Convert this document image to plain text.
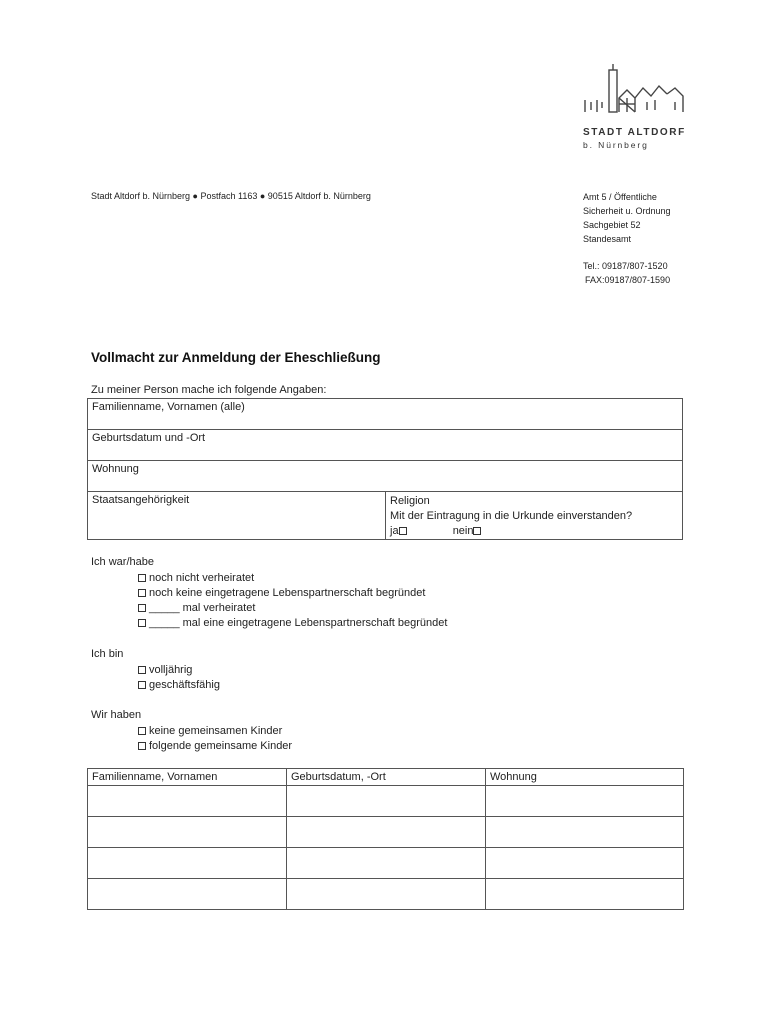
STADT ALTDORF
b. Nürnberg
Stadt Altdorf b. Nürnberg ● Postfach 1163 ● 90515 Altdorf b. Nürnberg	Amt 5 / Öffentliche
Sicherheit u. Ordnung
Sachgebiet 52
Standesamt
Tel.: 09187/807-1520
FAX:09187/807-1590
Vollmacht zur Anmeldung der Eheschließung
Zu meiner Person mache ich folgende Angaben:
Familienname, Vornamen (alle)
Geburtsdatum und -Ort
Wohnung
Staatsangehörigkeit	Religion
Mit der Eintragung in die Urkunde einverstanden?
ja	nein
Ich war/habe
noch nicht verheiratet
noch keine eingetragene Lebenspartnerschaft begründet
_____ mal verheiratet
_____ mal eine eingetragene Lebenspartnerschaft begründet
Ich bin
volljährig
geschäftsfähig
Wir haben
keine gemeinsamen Kinder
folgende gemeinsame Kinder
Familienname, Vornamen	Geburtsdatum, -Ort	Wohnung
